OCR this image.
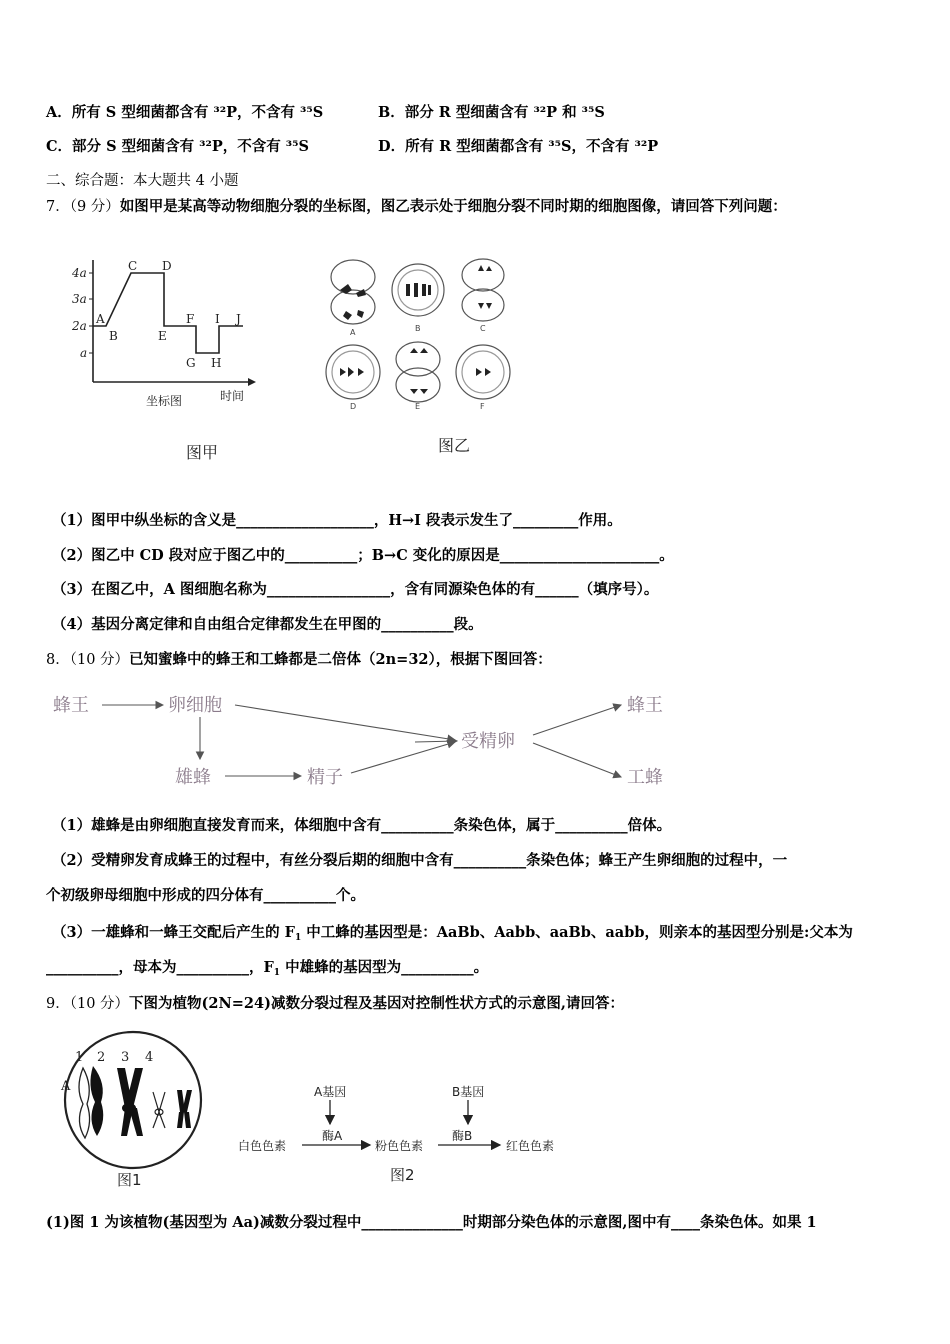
A．所有 S 型细菌都含有 ³²P，不含有 ³⁵S	B．部分 R 型细菌含有 ³²P 和 ³⁵S
C．部分 S 型细菌含有 ³²P，不含有 ³⁵S	D．所有 R 型细菌都含有 ³⁵S，不含有 ³²P
二、综合题：本大题共 4 小题
7．（9 分）如图甲是某高等动物细胞分裂的坐标图，图乙表示处于细胞分裂不同时期的细胞图像，请回答下列问题：
4a
3a
2a
a
A
B
C D
E
F
G H
I J
时间
坐标图
图甲
A	B	C
D	E	F
图乙
（1）图甲中纵坐标的含义是___________________，H→I 段表示发生了_________作用。
（2）图乙中 CD 段对应于图乙中的__________；B→C 变化的原因是______________________。
（3）在图乙中，A 图细胞名称为_________________，含有同源染色体的有______（填序号）。
（4）基因分离定律和自由组合定律都发生在甲图的__________段。
8．（10 分）已知蜜蜂中的蜂王和工蜂都是二倍体（2n=32），根据下图回答：
蜂王	卵细胞
雄蜂	精子
受精卵
蜂王
工蜂
（1）雄蜂是由卵细胞直接发育而来，体细胞中含有__________条染色体，属于__________倍体。
（2）受精卵发育成蜂王的过程中，有丝分裂后期的细胞中含有__________条染色体；蜂王产生卵细胞的过程中，一
个初级卵母细胞中形成的四分体有__________个。
（3）一雄蜂和一蜂王交配后产生的 $F_1$ 中工蜂的基因型是：AaBb、Aabb、aaBb、aabb，则亲本的基因型分别是:父本为
__________，母本为__________，$F_1$ 中雄蜂的基因型为__________。
9．（10 分）下图为植物(2N=24)减数分裂过程及基因对控制性状方式的示意图,请回答：
1 2 3 4
A
图1
A基因
酶A
B基因
酶B
白色色素	粉色色素	红色色素
图2
(1)图 1 为该植物(基因型为 Aa)减数分裂过程中______________时期部分染色体的示意图,图中有____条染色体。如果 1
